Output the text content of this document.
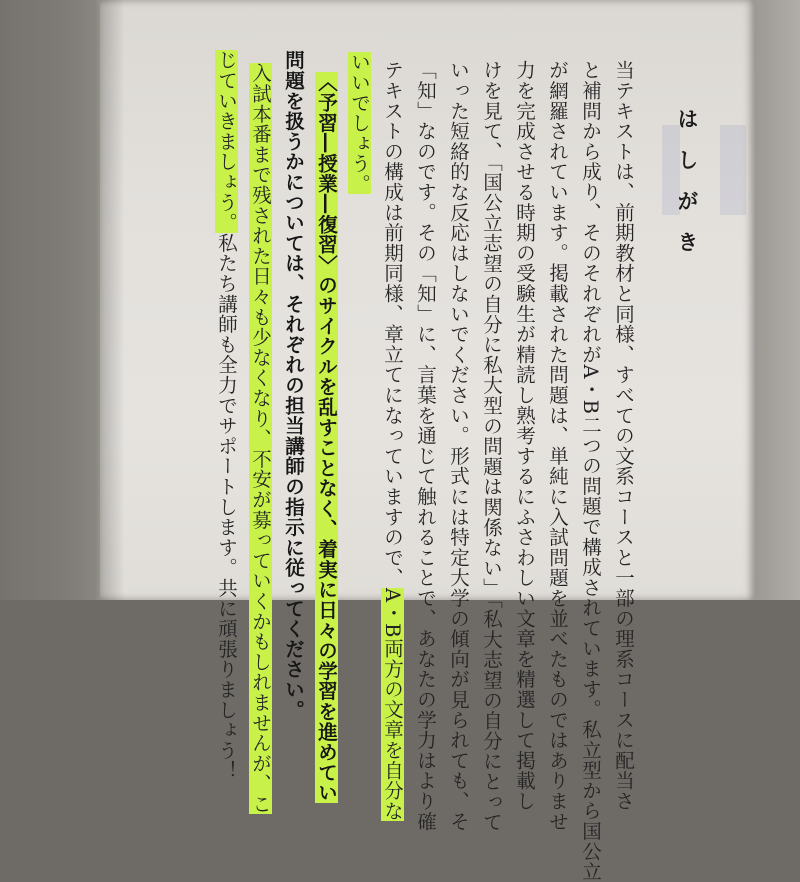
はしがき
当テキストは、前期教材と同様、すべての文系コースと一部の理系コースに配当さ
と補問から成り、そのそれぞれがA・B二つの問題で構成されています。私立型から国公立
が網羅されています。掲載された問題は、単純に入試問題を並べたものではありませ
力を完成させる時期の受験生が精読し熟考するにふさわしい文章を精選して掲載し
けを見て、「国公立志望の自分に私大型の問題は関係ない」「私大志望の自分にとって
いった短絡的な反応はしないでください。形式には特定大学の傾向が見られても、そ
「知」なのです。その「知」に、言葉を通じて触れることで、あなたの学力はより確
テキストの構成は前期同様、章立てになっていますので、A・B両方の文章を自分な
いいでしょう。
〈予習―授業―復習〉のサイクルを乱すことなく、着実に日々の学習を進めてい
問題を扱うかについては、それぞれの担当講師の指示に従ってください。
入試本番まで残された日々も少なくなり、不安が募っていくかもしれませんが、こ
じていきましょう。私たち講師も全力でサポートします。共に頑張りましょう！
